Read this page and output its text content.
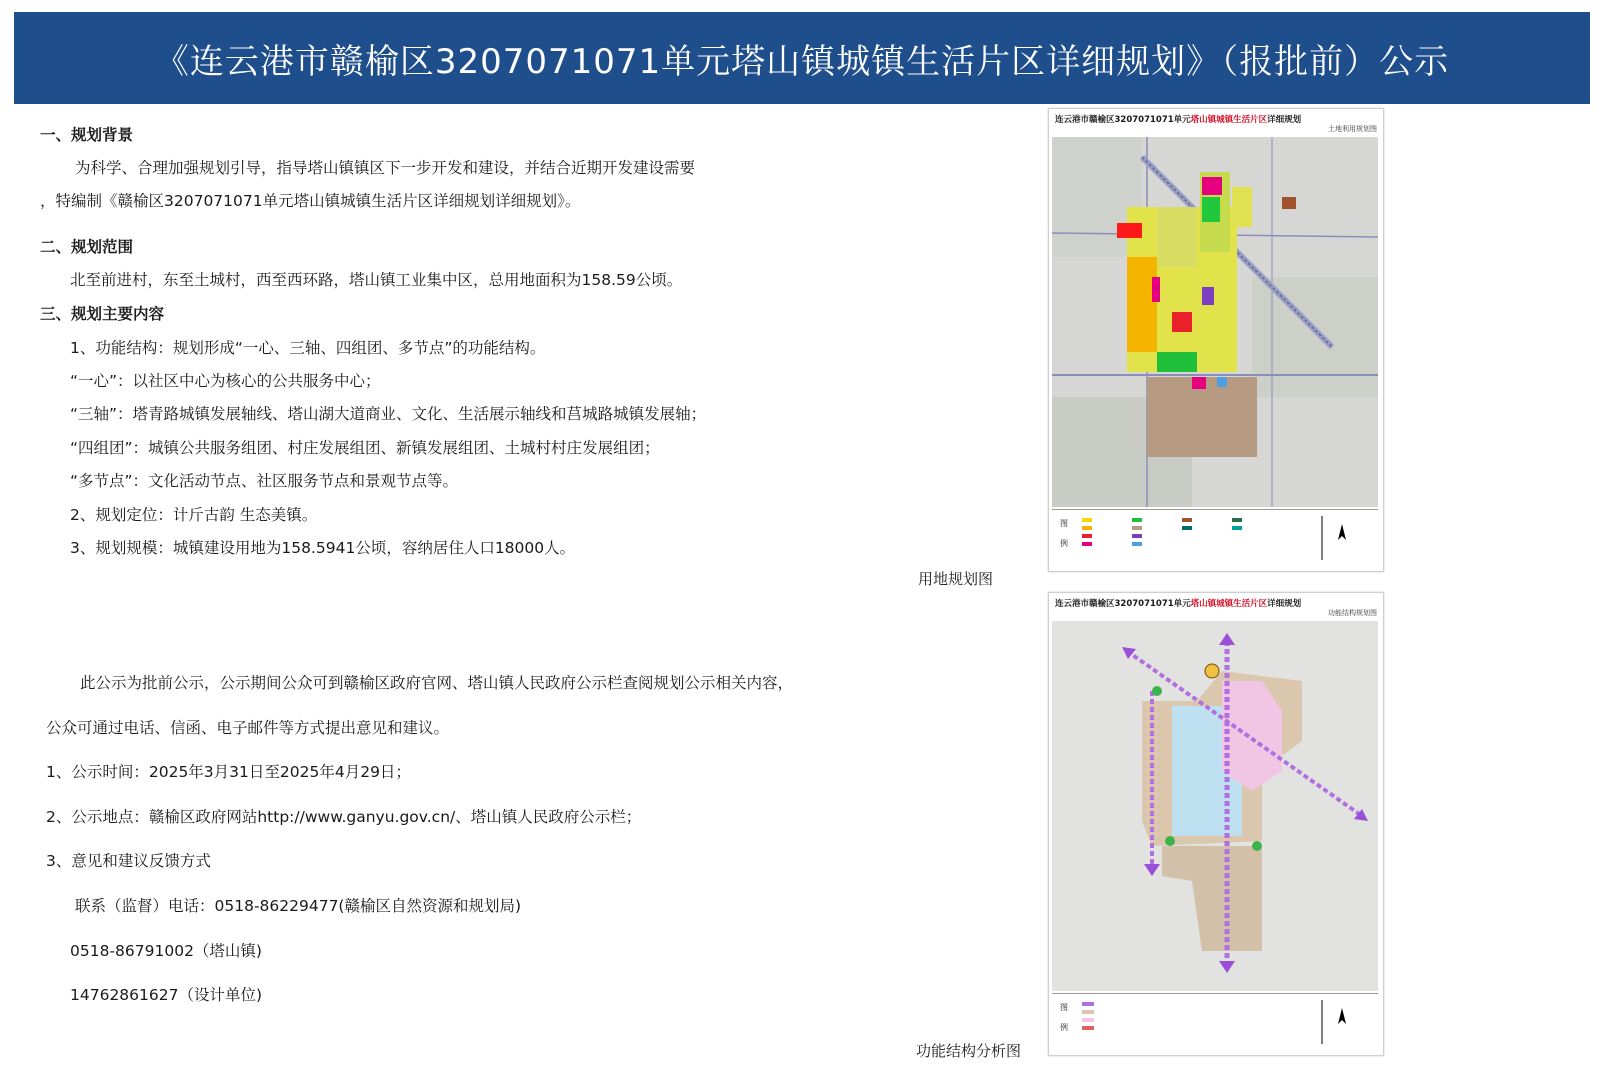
《连云港市赣榆区3207071071单元塔山镇城镇生活片区详细规划》（报批前）公示
一、规划背景
为科学、合理加强规划引导，指导塔山镇镇区下一步开发和建设，并结合近期开发建设需要
，特编制《赣榆区3207071071单元塔山镇城镇生活片区详细规划详细规划》。
二、规划范围
北至前进村，东至土城村，西至西环路，塔山镇工业集中区，总用地面积为158.59公顷。
三、规划主要内容
1、功能结构：规划形成“一心、三轴、四组团、多节点”的功能结构。
“一心”：以社区中心为核心的公共服务中心；
“三轴”：塔青路城镇发展轴线、塔山湖大道商业、文化、生活展示轴线和莒城路城镇发展轴；
“四组团”：城镇公共服务组团、村庄发展组团、新镇发展组团、土城村村庄发展组团；
“多节点”：文化活动节点、社区服务节点和景观节点等。
2、规划定位：计斤古韵 生态美镇。
3、规划规模：城镇建设用地为158.5941公顷，容纳居住人口18000人。
此公示为批前公示，公示期间公众可到赣榆区政府官网、塔山镇人民政府公示栏查阅规划公示相关内容，
公众可通过电话、信函、电子邮件等方式提出意见和建议。
1、公示时间：2025年3月31日至2025年4月29日；
2、公示地点：赣榆区政府网站http://www.ganyu.gov.cn/、塔山镇人民政府公示栏；
3、意见和建议反馈方式
联系（监督）电话：0518-86229477(赣榆区自然资源和规划局)
0518-86791002（塔山镇)
14762861627（设计单位)
连云港市赣榆区3207071071单元塔山镇城镇生活片区详细规划
土地利用规划图
图
例
用地规划图
连云港市赣榆区3207071071单元塔山镇城镇生活片区详细规划
功能结构规划图
图
例
功能结构分析图
